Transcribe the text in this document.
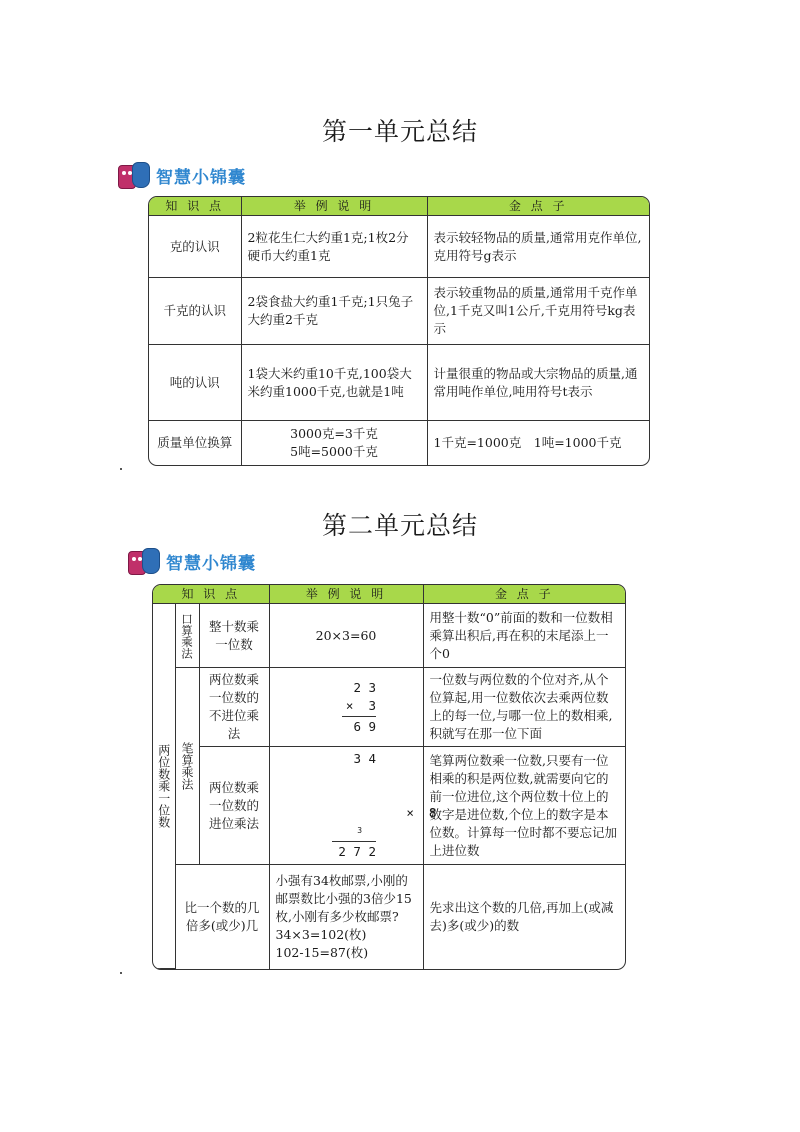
第一单元总结
智慧小锦囊
知 识 点	举 例 说 明	金 点 子
克的认识	2粒花生仁大约重1克;1枚2分硬币大约重1克	表示较轻物品的质量,通常用克作单位,克用符号g表示
千克的认识	2袋食盐大约重1千克;1只兔子大约重2千克	表示较重物品的质量,通常用千克作单位,1千克又叫1公斤,千克用符号kg表示
吨的认识	1袋大米约重10千克,100袋大米约重1000千克,也就是1吨	计量很重的物品或大宗物品的质量,通常用吨作单位,吨用符号t表示
质量单位换算	3000克=3千克
5吨=5000千克	1千克=1000克　1吨=1000千克
第二单元总结
智慧小锦囊
知 识 点			举 例 说 明	金 点 子
两位数乘一位数	口算乘法	整十数乘一位数	20×3=60	用整十数“0”前面的数和一位数相乘算出积后,再在积的末尾添上一个0
	笔算乘法	两位数乘一位数的不进位乘法	2 3
×  3
6 9	一位数与两位数的个位对齐,从个位算起,用一位数依次去乘两位数上的每一位,与哪一位上的数相乘,积就写在那一位下面
		两位数乘一位数的进位乘法	3 4

3

×  8

2 7 2	笔算两位数乘一位数,只要有一位相乘的积是两位数,就需要向它的前一位进位,这个两位数十位上的数字是进位数,个位上的数字是本位数。计算每一位时都不要忘记加上进位数
	比一个数的几倍多(或少)几		小强有34枚邮票,小刚的邮票数比小强的3倍少15枚,小刚有多少枚邮票?
34×3=102(枚)
102-15=87(枚)	先求出这个数的几倍,再加上(或减去)多(或少)的数
